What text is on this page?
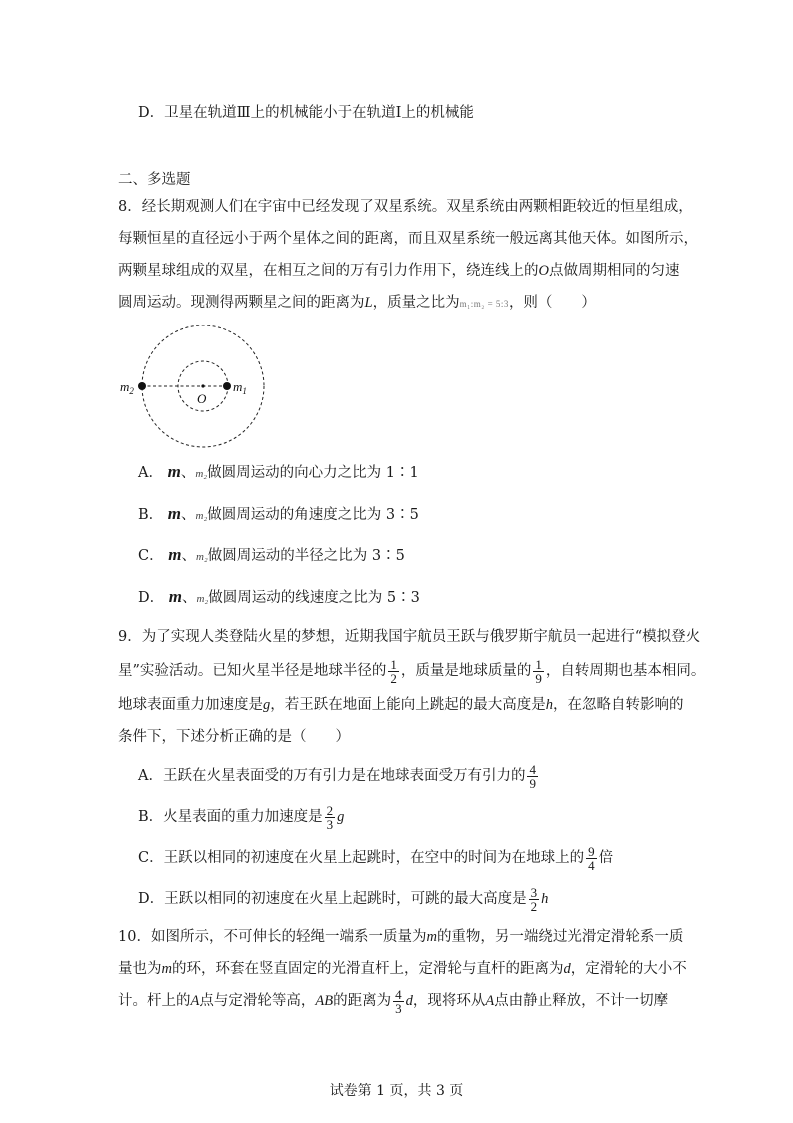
D．卫星在轨道Ⅲ上的机械能小于在轨道Ⅰ上的机械能
二、多选题
8．经长期观测人们在宇宙中已经发现了双星系统。双星系统由两颗相距较近的恒星组成，
每颗恒星的直径远小于两个星体之间的距离，而且双星系统一般远离其他天体。如图所示，
两颗星球组成的双星，在相互之间的万有引力作用下，绕连线上的O点做周期相同的匀速
圆周运动。现测得两颗星之间的距离为L，质量之比为m₁:m₂ = 5:3，则（　　）
$m_2$	O
$m_1$
A． m、m₂做圆周运动的向心力之比为 1∶1
B． m、m₂做圆周运动的角速度之比为 3∶5
C． m、m₂做圆周运动的半径之比为 3∶5
D． m、m₂做圆周运动的线速度之比为 5∶3
9．为了实现人类登陆火星的梦想，近期我国宇航员王跃与俄罗斯宇航员一起进行“模拟登火
星”实验活动。已知火星半径是地球半径的 $\frac{1}{2}$ ，质量是地球质量的 $\frac{1}{9}$ ，自转周期也基本相同。
地球表面重力加速度是g，若王跃在地面上能向上跳起的最大高度是h，在忽略自转影响的
条件下，下述分析正确的是（　　）
A．王跃在火星表面受的万有引力是在地球表面受万有引力的 $\frac{4}{9}$
B．火星表面的重力加速度是 $\frac{2}{3}$ g
C．王跃以相同的初速度在火星上起跳时，在空中的时间为在地球上的 $\frac{9}{4}$ 倍
D．王跃以相同的初速度在火星上起跳时，可跳的最大高度是 $\frac{3}{2}$ h
10．如图所示，不可伸长的轻绳一端系一质量为m的重物，另一端绕过光滑定滑轮系一质
量也为m的环，环套在竖直固定的光滑直杆上，定滑轮与直杆的距离为d，定滑轮的大小不
计。杆上的A点与定滑轮等高，AB的距离为 $\frac{4}{3}$ d，现将环从A点由静止释放，不计一切摩
试卷第 1 页，共 3 页
